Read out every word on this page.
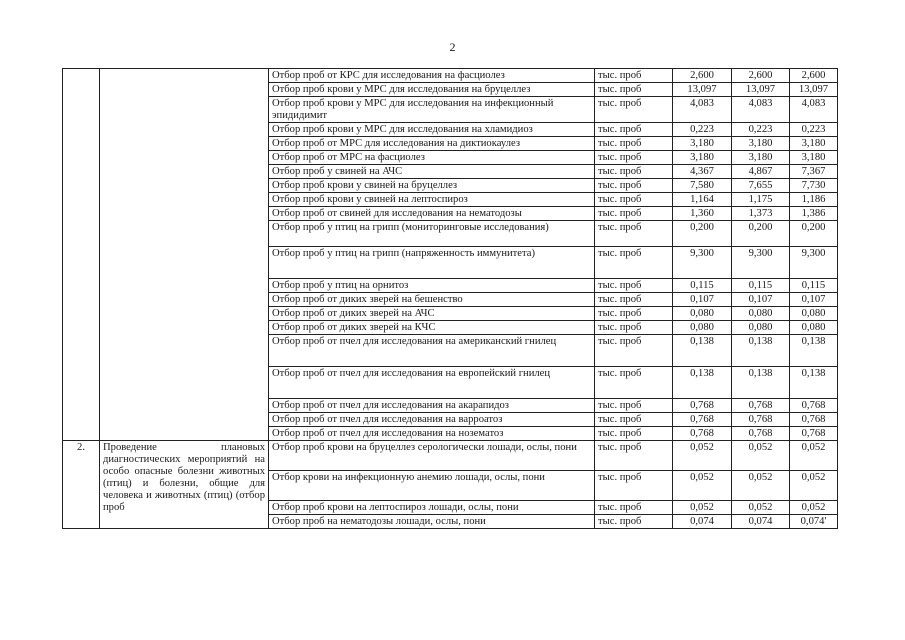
2
		Отбор проб от КРС для исследования на фасциолез	тыс. проб	2,600	2,600	2,600
		Отбор проб крови у МРС для исследования на бруцеллез	тыс. проб	13,097	13,097	13,097
		Отбор проб крови у МРС для исследования на инфекционный эпидидимит	тыс. проб	4,083	4,083	4,083
		Отбор проб крови у МРС для исследования на хламидиоз	тыс. проб	0,223	0,223	0,223
		Отбор проб от МРС для исследования на диктиокаулез	тыс. проб	3,180	3,180	3,180
		Отбор проб от МРС на фасциолез	тыс. проб	3,180	3,180	3,180
		Отбор проб у свиней на АЧС	тыс. проб	4,367	4,867	7,367
		Отбор проб крови у свиней на бруцеллез	тыс. проб	7,580	7,655	7,730
		Отбор проб крови у свиней на лептоспироз	тыс. проб	1,164	1,175	1,186
		Отбор проб от свиней для исследования на нематодозы	тыс. проб	1,360	1,373	1,386
		Отбор проб у птиц на грипп (мониторинговые исследования)	тыс. проб	0,200	0,200	0,200
		Отбор проб у птиц на грипп (напряженность иммунитета)	тыс. проб	9,300	9,300	9,300
		Отбор проб у птиц на орнитоз	тыс. проб	0,115	0,115	0,115
		Отбор проб от диких зверей на бешенство	тыс. проб	0,107	0,107	0,107
		Отбор проб от диких зверей на АЧС	тыс. проб	0,080	0,080	0,080
		Отбор проб от диких зверей на КЧС	тыс. проб	0,080	0,080	0,080
		Отбор проб от пчел для исследования на американский гнилец	тыс. проб	0,138	0,138	0,138
		Отбор проб от пчел для исследования на европейский гнилец	тыс. проб	0,138	0,138	0,138
		Отбор проб от пчел для исследования на акарапидоз	тыс. проб	0,768	0,768	0,768
		Отбор проб от пчел для исследования на варроатоз	тыс. проб	0,768	0,768	0,768
		Отбор проб от пчел для исследования на нозематоз	тыс. проб	0,768	0,768	0,768
2.	Проведение плановых диагностических мероприятий на особо опасные болезни животных (птиц) и болезни, общие для человека и животных (птиц) (отбор проб	Отбор проб крови на бруцеллез серологически лошади, ослы, пони	тыс. проб	0,052	0,052	0,052
		Отбор крови на инфекционную анемию лошади, ослы, пони	тыс. проб	0,052	0,052	0,052
		Отбор проб крови на лептоспироз лошади, ослы, пони	тыс. проб	0,052	0,052	0,052
		Отбор проб на нематодозы лошади, ослы, пони	тыс. проб	0,074	0,074	0,074'
